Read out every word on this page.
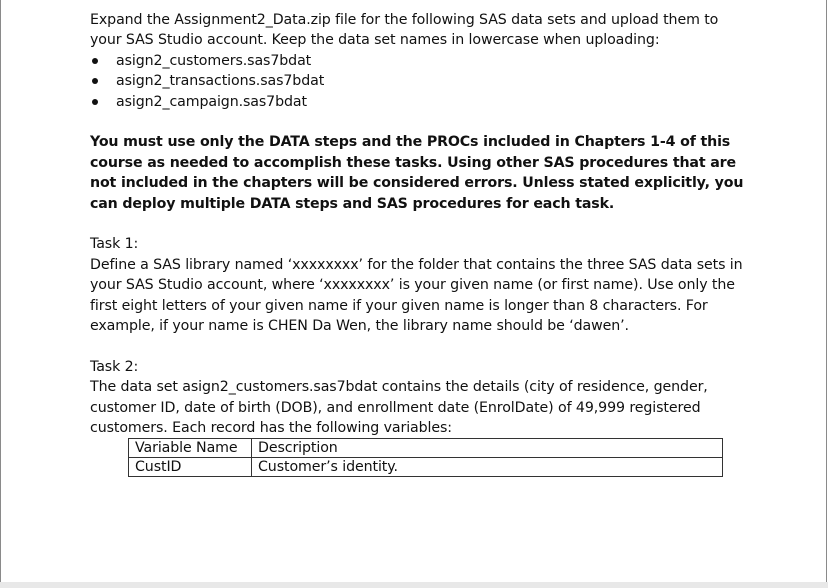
Expand the Assignment2_Data.zip file for the following SAS data sets and upload them to your SAS Studio account. Keep the data set names in lowercase when uploading:

asign2_customers.sas7bdat
asign2_transactions.sas7bdat
asign2_campaign.sas7bdat

You must use only the DATA steps and the PROCs included in Chapters 1-4 of this course as needed to accomplish these tasks. Using other SAS procedures that are not included in the chapters will be considered errors. Unless stated explicitly, you can deploy multiple DATA steps and SAS procedures for each task.

Task 1:

Define a SAS library named ‘xxxxxxxx’ for the folder that contains the three SAS data sets in your SAS Studio account, where ‘xxxxxxxx’ is your given name (or first name). Use only the first eight letters of your given name if your given name is longer than 8 characters. For example, if your name is CHEN Da Wen, the library name should be ‘dawen’.

Task 2:

The data set asign2_customers.sas7bdat contains the details (city of residence, gender, customer ID, date of birth (DOB), and enrollment date (EnrolDate) of 49,999 registered customers. Each record has the following variables:

Variable Name	Description
CustID	Customer’s identity.
